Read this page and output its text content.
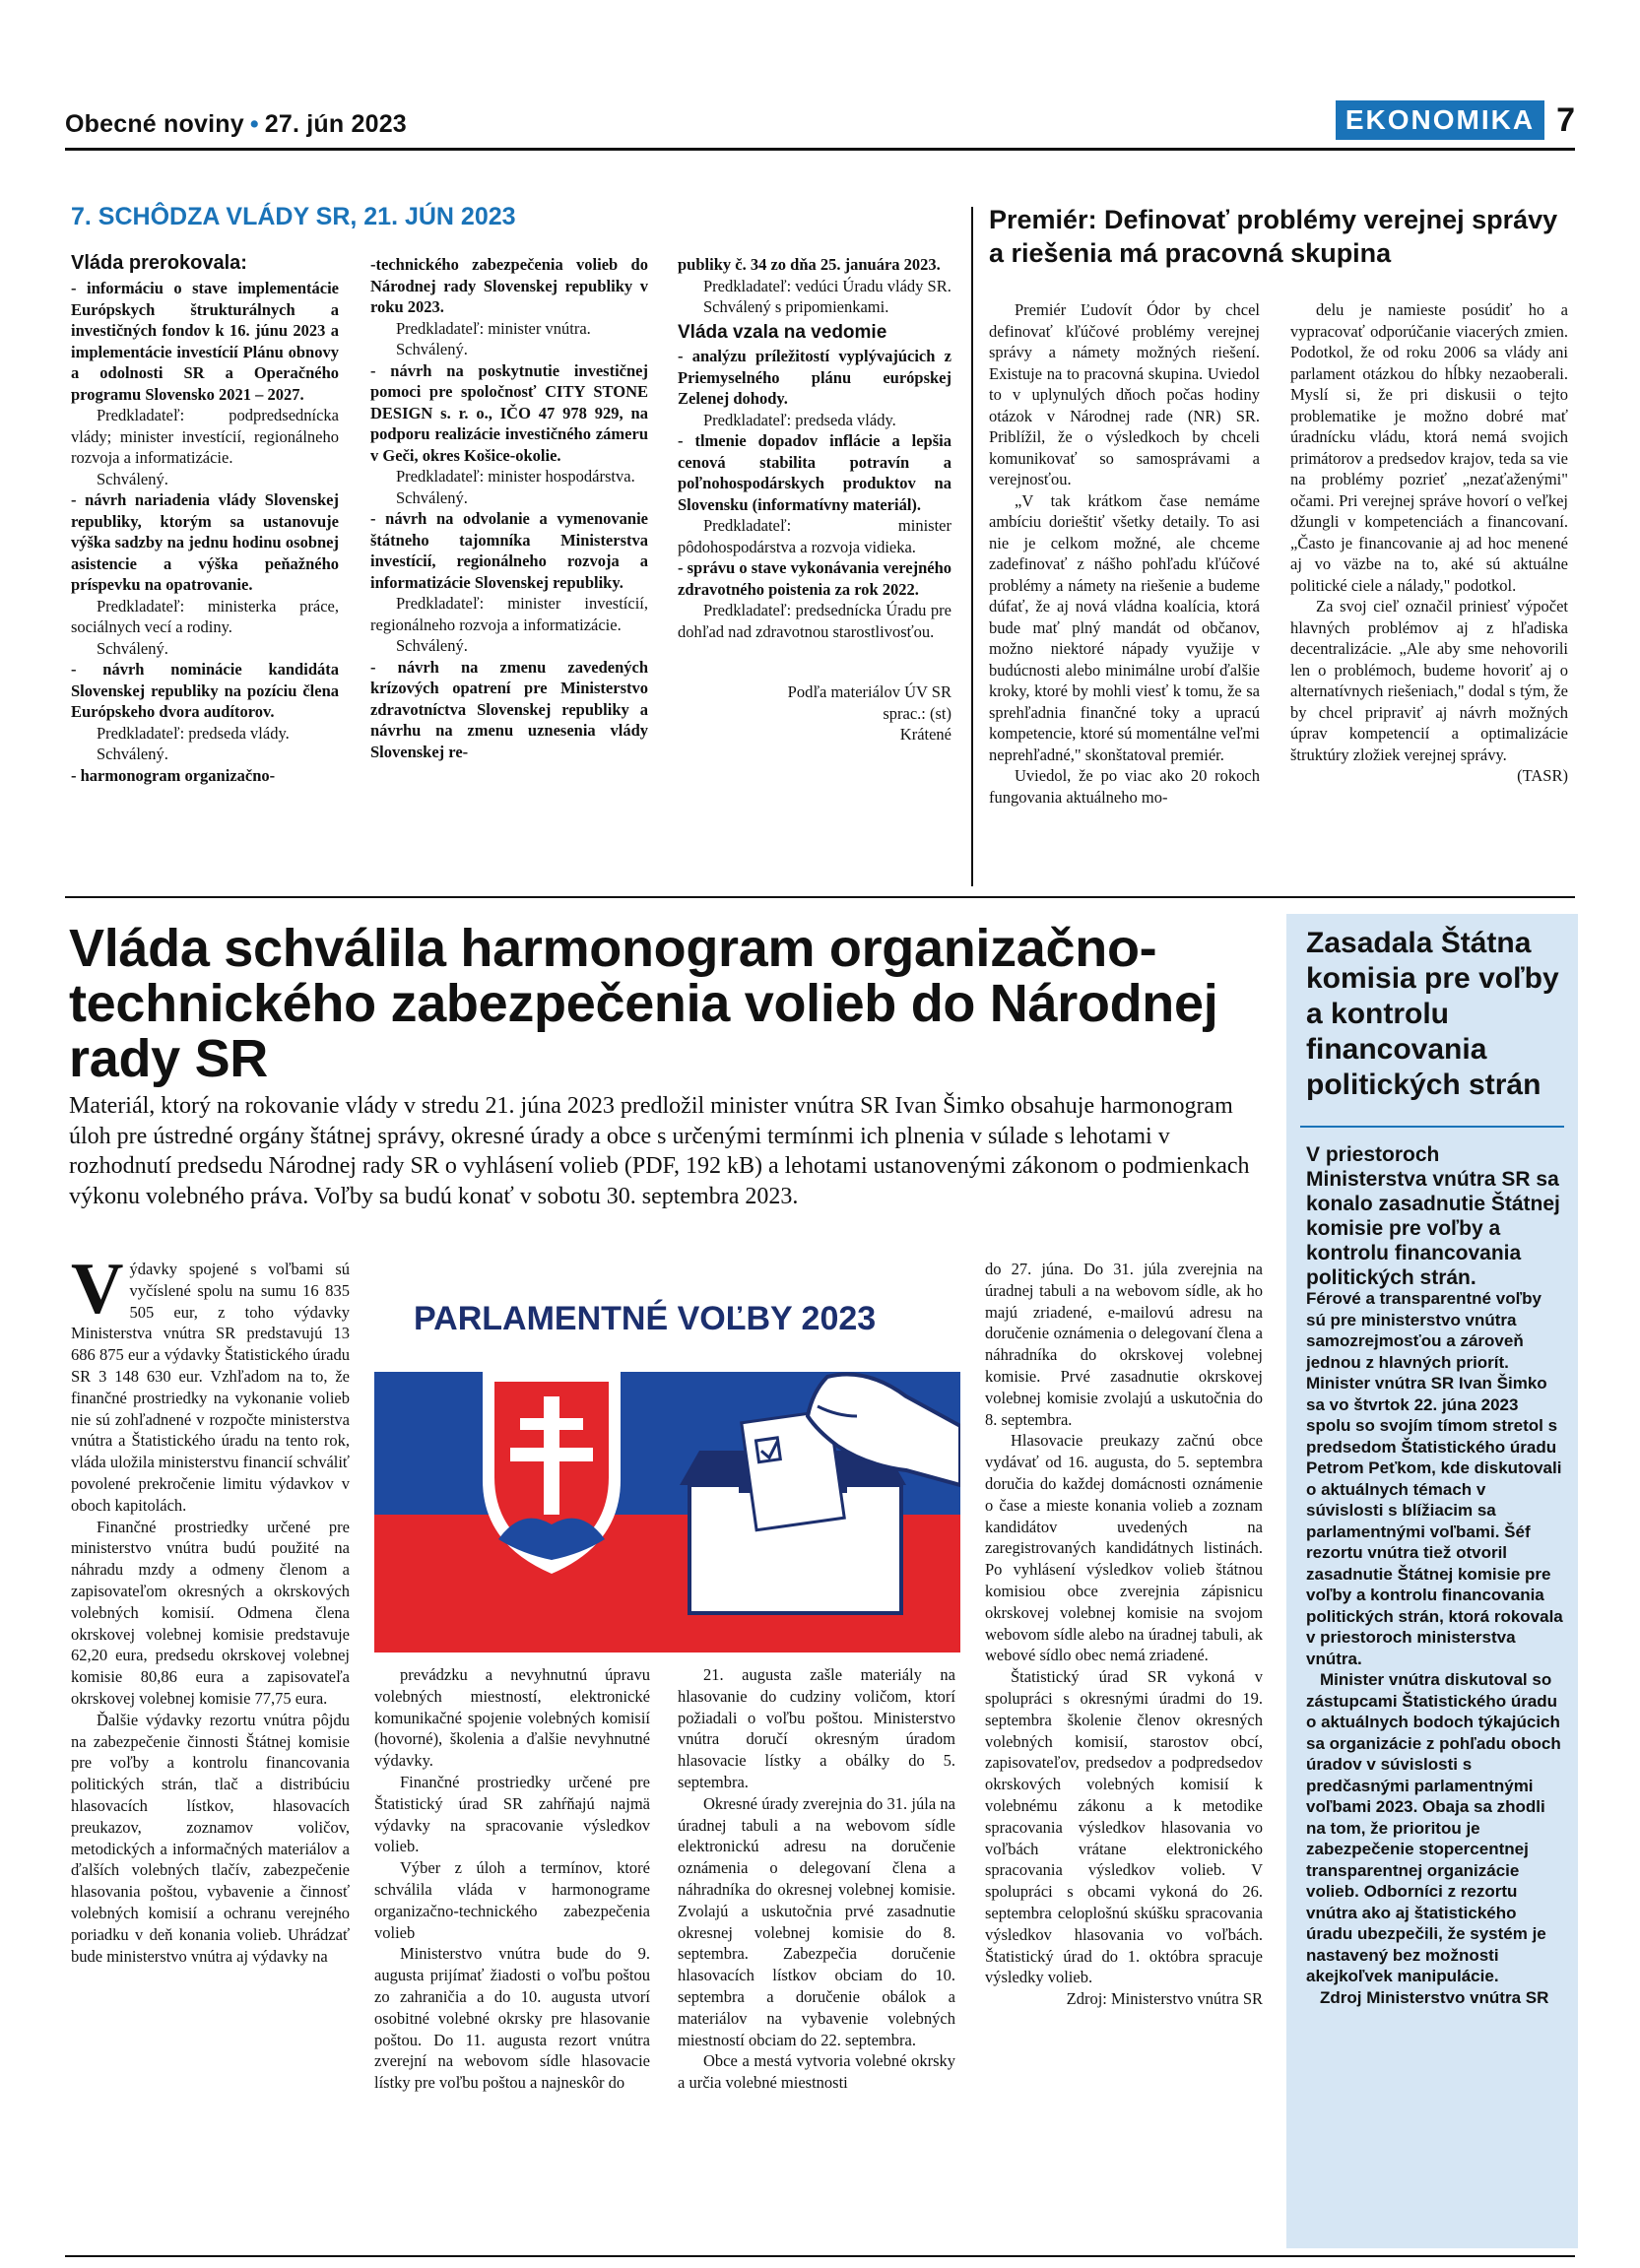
Obecné noviny • 27. jún 2023	EKONOMIKA 7
7. SCHÔDZA VLÁDY SR, 21. JÚN 2023
Vláda prerokovala:

- informáciu o stave implementácie Európskych štrukturálnych a investičných fondov k 16. júnu 2023 a implementácie investícií Plánu obnovy a odolnosti SR a Operačného programu Slovensko 2021 – 2027.

Predkladateľ: podpredsednícka vlády; minister investícií, regionálneho rozvoja a informatizácie.

Schválený.

- návrh nariadenia vlády Slovenskej republiky, ktorým sa ustanovuje výška sadzby na jednu hodinu osobnej asistencie a výška peňažného príspevku na opatrovanie.

Predkladateľ: ministerka práce, sociálnych vecí a rodiny.

Schválený.

- návrh nominácie kandidáta Slovenskej republiky na pozíciu člena Európskeho dvora audítorov.

Predkladateľ: predseda vlády.

Schválený.

- harmonogram organizačno-

-technického zabezpečenia volieb do Národnej rady Slovenskej republiky v roku 2023.

Predkladateľ: minister vnútra.

Schválený.

- návrh na poskytnutie investičnej pomoci pre spoločnosť CITY STONE DESIGN s. r. o., IČO 47 978 929, na podporu realizácie investičného zámeru v Geči, okres Košice-okolie.

Predkladateľ: minister hospodárstva.

Schválený.

- návrh na odvolanie a vymenovanie štátneho tajomníka Ministerstva investícií, regionálneho rozvoja a informatizácie Slovenskej republiky.

Predkladateľ: minister investícií, regionálneho rozvoja a informatizácie.

Schválený.

- návrh na zmenu zavedených krízových opatrení pre Ministerstvo zdravotníctva Slovenskej republiky a návrhu na zmenu uznesenia vlády Slovenskej re-

publiky č. 34 zo dňa 25. januára 2023.

Predkladateľ: vedúci Úradu vlády SR.

Schválený s pripomienkami.

Vláda vzala na vedomie

- analýzu príležitostí vyplývajúcich z Priemyselného plánu európskej Zelenej dohody.

Predkladateľ: predseda vlády.

- tlmenie dopadov inflácie a lepšia cenová stabilita potravín a poľnohospodárskych produktov na Slovensku (informatívny materiál).

Predkladateľ: minister pôdohospodárstva a rozvoja vidieka.

- správu o stave vykonávania verejného zdravotného poistenia za rok 2022.

Predkladateľ: predsednícka Úradu pre dohľad nad zdravotnou starostlivosťou.

Podľa materiálov ÚV SR

sprac.: (st)

Krátené

Premiér: Definovať problémy verejnej správy a riešenia má pracovná skupina

Premiér Ľudovít Ódor by chcel definovať kľúčové problémy verejnej správy a námety možných riešení. Existuje na to pracovná skupina. Uviedol to v uplynulých dňoch počas hodiny otázok v Národnej rade (NR) SR. Priblížil, že o výsledkoch by chceli komunikovať so samosprávami a verejnosťou.

„V tak krátkom čase nemáme ambíciu dorieštiť všetky detaily. To asi nie je celkom možné, ale chceme zadefinovať z nášho pohľadu kľúčové problémy a námety na riešenie a budeme dúfať, že aj nová vládna koalícia, ktorá bude mať plný mandát od občanov, možno niektoré nápady využije v budúcnosti alebo minimálne urobí ďalšie kroky, ktoré by mohli viesť k tomu, že sa sprehľadnia finančné toky a upracú kompetencie, ktoré sú momentálne veľmi neprehľadné," skonštatoval premiér.

Uviedol, že po viac ako 20 rokoch fungovania aktuálneho mo-

delu je namieste posúdiť ho a vypracovať odporúčanie viacerých zmien. Podotkol, že od roku 2006 sa vlády ani parlament otázkou do hĺbky nezaoberali. Myslí si, že pri diskusii o tejto problematike je možno dobré mať úradnícku vládu, ktorá nemá svojich primátorov a predsedov krajov, teda sa vie na problémy pozrieť „nezaťaženými" očami. Pri verejnej správe hovorí o veľkej džungli v kompetenciách a financovaní. „Často je financovanie aj ad hoc menené aj vo väzbe na to, aké sú aktuálne politické ciele a nálady," podotkol.

Za svoj cieľ označil priniesť výpočet hlavných problémov aj z hľadiska decentralizácie. „Ale aby sme nehovorili len o problémoch, budeme hovoriť aj o alternatívnych riešeniach," dodal s tým, že by chcel pripraviť aj návrh možných úprav kompetencií a optimalizácie štruktúry zložiek verejnej správy.

(TASR)

Vláda schválila harmonogram organizačno-technického zabezpečenia volieb do Národnej rady SR
Materiál, ktorý na rokovanie vlády v stredu 21. júna 2023 predložil minister vnútra SR Ivan Šimko obsahuje harmonogram úloh pre ústredné orgány štátnej správy, okresné úrady a obce s určenými termínmi ich plnenia v súlade s lehotami v rozhodnutí predsedu Národnej rady SR o vyhlásení volieb (PDF, 192 kB) a lehotami ustanovenými zákonom o podmienkach výkonu volebného práva. Voľby sa budú konať v sobotu 30. septembra 2023.
V ýdavky spojené s voľbami sú vyčíslené spolu na sumu 16 835 505 eur, z toho výdavky Ministerstva vnútra SR predstavujú 13 686 875 eur a výdavky Štatistického úradu SR 3 148 630 eur. Vzhľadom na to, že finančné prostriedky na vykonanie volieb nie sú zohľadnené v rozpočte ministerstva vnútra a Štatistického úradu na tento rok, vláda uložila ministerstvu financií schváliť povolené prekročenie limitu výdavkov v oboch kapitolách.

Finančné prostriedky určené pre ministerstvo vnútra budú použité na náhradu mzdy a odmeny členom a zapisovateľom okresných a okrskových volebných komisií. Odmena člena okrskovej volebnej komisie predstavuje 62,20 eura, predsedu okrskovej volebnej komisie 80,86 eura a zapisovateľa okrskovej volebnej komisie 77,75 eura.

Ďalšie výdavky rezortu vnútra pôjdu na zabezpečenie činnosti Štátnej komisie pre voľby a kontrolu financovania politických strán, tlač a distribúciu hlasovacích lístkov, hlasovacích preukazov, zoznamov voličov, metodických a informačných materiálov a ďalších volebných tlačív, zabezpečenie hlasovania poštou, vybavenie a činnosť volebných komisií a ochranu verejného poriadku v deň konania volieb. Uhrádzať bude ministerstvo vnútra aj výdavky na

PARLAMENTNÉ VOĽBY 2023

prevádzku a nevyhnutnú úpravu volebných miestností, elektronické komunikačné spojenie volebných komisií (hovorné), školenia a ďalšie nevyhnutné výdavky.

Finančné prostriedky určené pre Štatistický úrad SR zahŕňajú najmä výdavky na spracovanie výsledkov volieb.

Výber z úloh a termínov, ktoré schválila vláda v harmonograme organizačno-technického zabezpečenia volieb

Ministerstvo vnútra bude do 9. augusta prijímať žiadosti o voľbu poštou zo zahraničia a do 10. augusta utvorí osobitné volebné okrsky pre hlasovanie poštou. Do 11. augusta rezort vnútra zverejní na webovom sídle hlasovacie lístky pre voľbu poštou a najneskôr do

21. augusta zašle materiály na hlasovanie do cudziny voličom, ktorí požiadali o voľbu poštou. Ministerstvo vnútra doručí okresným úradom hlasovacie lístky a obálky do 5. septembra.

Okresné úrady zverejnia do 31. júla na úradnej tabuli a na webovom sídle elektronickú adresu na doručenie oznámenia o delegovaní člena a náhradníka do okresnej volebnej komisie. Zvolajú a uskutočnia prvé zasadnutie okresnej volebnej komisie do 8. septembra. Zabezpečia doručenie hlasovacích lístkov obciam do 10. septembra a doručenie obálok a materiálov na vybavenie volebných miestností obciam do 22. septembra.

Obce a mestá vytvoria volebné okrsky a určia volebné miestnosti

do 27. júna. Do 31. júla zverejnia na úradnej tabuli a na webovom sídle, ak ho majú zriadené, e-mailovú adresu na doručenie oznámenia o delegovaní člena a náhradníka do okrskovej volebnej komisie. Prvé zasadnutie okrskovej volebnej komisie zvolajú a uskutočnia do 8. septembra.

Hlasovacie preukazy začnú obce vydávať od 16. augusta, do 5. septembra doručia do každej domácnosti oznámenie o čase a mieste konania volieb a zoznam kandidátov uvedených na zaregistrovaných kandidátnych listinách. Po vyhlásení výsledkov volieb štátnou komisiou obce zverejnia zápisnicu okrskovej volebnej komisie na svojom webovom sídle alebo na úradnej tabuli, ak webové sídlo obec nemá zriadené.

Štatistický úrad SR vykoná v spolupráci s okresnými úradmi do 19. septembra školenie členov okresných volebných komisií, starostov obcí, zapisovateľov, predsedov a podpredsedov okrskových volebných komisií k volebnému zákonu a k metodike spracovania výsledkov hlasovania vo voľbách vrátane elektronického spracovania výsledkov volieb. V spolupráci s obcami vykoná do 26. septembra celoplošnú skúšku spracovania výsledkov hlasovania vo voľbách. Štatistický úrad do 1. októbra spracuje výsledky volieb.

Zdroj: Ministerstvo vnútra SR

Zasadala Štátna komisia pre voľby a kontrolu financovania politických strán
V priestoroch Ministerstva vnútra SR sa konalo zasadnutie Štátnej komisie pre voľby a kontrolu financovania politických strán.

Férové a transparentné voľby sú pre ministerstvo vnútra samozrejmosťou a zároveň jednou z hlavných priorít. Minister vnútra SR Ivan Šimko sa vo štvrtok 22. júna 2023 spolu so svojím tímom stretol s predsedom Štatistického úradu Petrom Peťkom, kde diskutovali o aktuálnych témach v súvislosti s blížiacim sa parlamentnými voľbami. Šéf rezortu vnútra tiež otvoril zasadnutie Štátnej komisie pre voľby a kontrolu financovania politických strán, ktorá rokovala v priestoroch ministerstva vnútra.

Minister vnútra diskutoval so zástupcami Štatistického úradu o aktuálnych bodoch týkajúcich sa organizácie z pohľadu oboch úradov v súvislosti s predčasnými parlamentnými voľbami 2023. Obaja sa zhodli na tom, že prioritou je zabezpečenie stopercentnej transparentnej organizácie volieb. Odborníci z rezortu vnútra ako aj štatistického úradu ubezpečili, že systém je nastavený bez možnosti akejkoľvek manipulácie.

Zdroj Ministerstvo vnútra SR
